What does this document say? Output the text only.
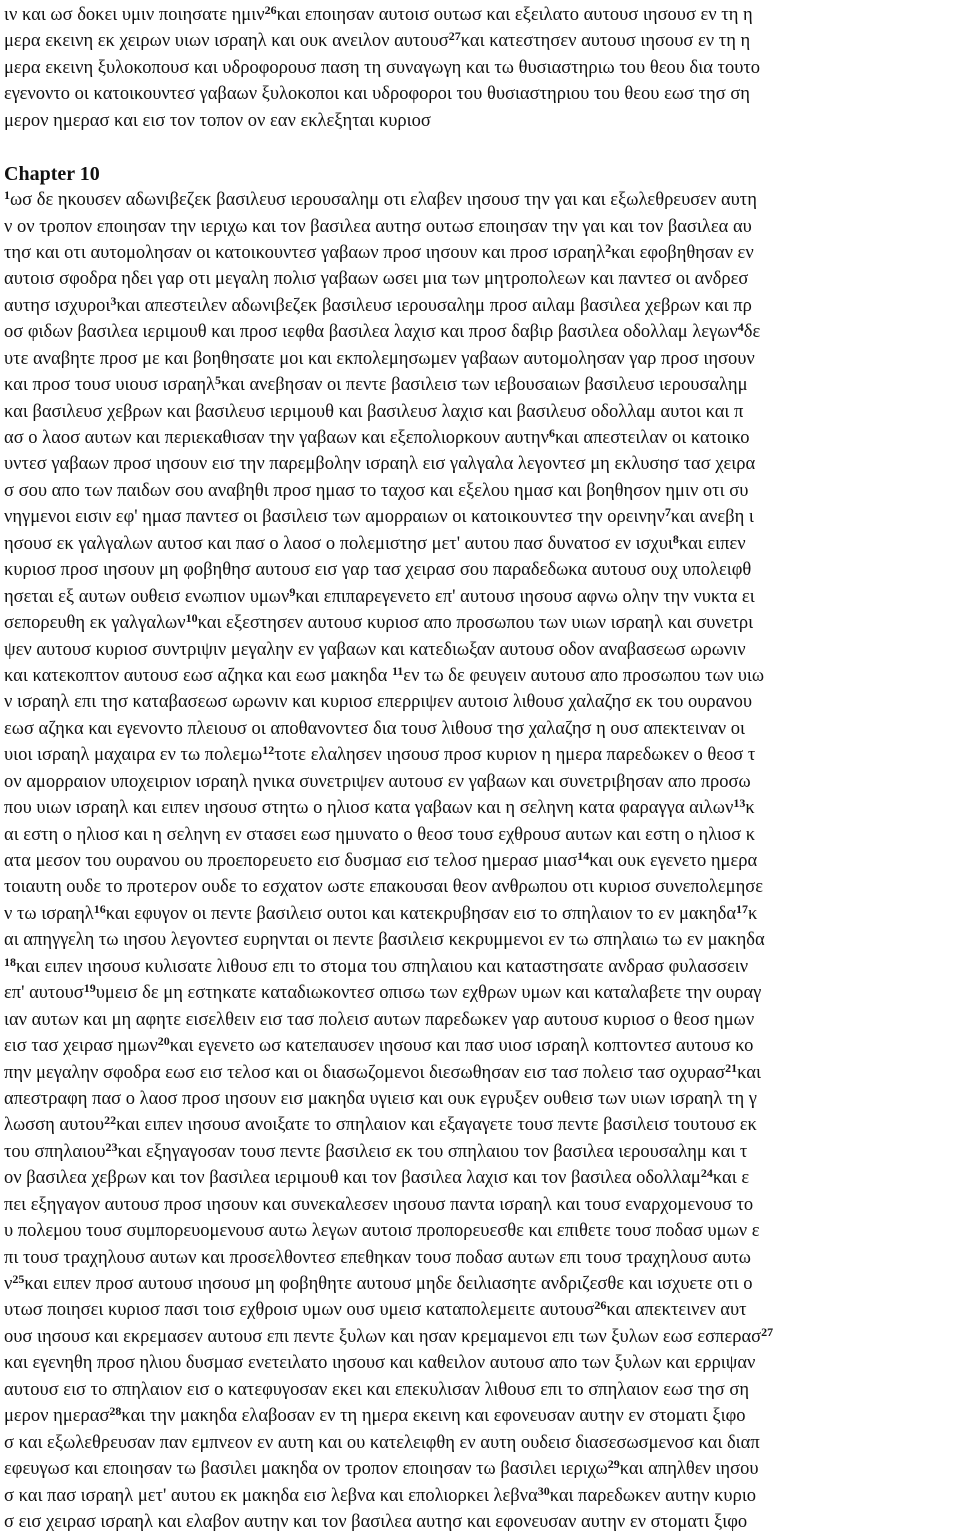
ιν και ωσ δοκει υμιν ποιησατε ημιν$^{26}$και εποιησαν αυτοισ ουτωσ και εξειλατο αυτουσ ιησουσ εν τη η
μερα εκεινη εκ χειρων υιων ισραηλ και ουκ ανειλον αυτουσ$^{27}$και κατεστησεν αυτουσ ιησουσ εν τη η
μερα εκεινη ξυλοκοπουσ και υδροφορουσ παση τη συναγωγη και τω θυσιαστηριω του θεου δια τουτο
εγενοντο οι κατοικουντεσ γαβαων ξυλοκοποι και υδροφοροι του θυσιαστηριου του θεου εωσ τησ ση
μερον ημερασ και εισ τον τοπον ον εαν εκλεξηται κυριοσ
Chapter 10
$^1$ωσ δε ηκουσεν αδωνιβεζεκ βασιλευσ ιερουσαλημ οτι ελαβεν ιησουσ την γαι και εξωλεθρευσεν αυτη
ν ον τροπον εποιησαν την ιεριχω και τον βασιλεα αυτησ ουτωσ εποιησαν την γαι και τον βασιλεα αυ
τησ και οτι αυτομολησαν οι κατοικουντεσ γαβαων προσ ιησουν και προσ ισραηλ$^2$και εφοβηθησαν εν
αυτοισ σφοδρα ηδει γαρ οτι μεγαλη πολισ γαβαων ωσει μια των μητροπολεων και παντεσ οι ανδρεσ
αυτησ ισχυροι$^3$και απεστειλεν αδωνιβεζεκ βασιλευσ ιερουσαλημ προσ αιλαμ βασιλεα χεβρων και πρ
οσ φιδων βασιλεα ιεριμουθ και προσ ιεφθα βασιλεα λαχισ και προσ δαβιρ βασιλεα οδολλαμ λεγων$^4$δε
υτε αναβητε προσ με και βοηθησατε μοι και εκπολεμησωμεν γαβαων αυτομολησαν γαρ προσ ιησουν
και προσ τουσ υιουσ ισραηλ$^5$και ανεβησαν οι πεντε βασιλεισ των ιεβουσαιων βασιλευσ ιερουσαλημ
και βασιλευσ χεβρων και βασιλευσ ιεριμουθ και βασιλευσ λαχισ και βασιλευσ οδολλαμ αυτοι και π
ασ ο λαοσ αυτων και περιεκαθισαν την γαβαων και εξεπολιορκουν αυτην$^6$και απεστειλαν οι κατοικο
υντεσ γαβαων προσ ιησουν εισ την παρεμβολην ισραηλ εισ γαλγαλα λεγοντεσ μη εκλυσησ τασ χειρα
σ σου απο των παιδων σου αναβηθι προσ ημασ το ταχοσ και εξελου ημασ και βοηθησον ημιν οτι συ
νηγμενοι εισιν εφ' ημασ παντεσ οι βασιλεισ των αμορραιων οι κατοικουντεσ την ορεινην$^7$και ανεβη ι
ησουσ εκ γαλγαλων αυτοσ και πασ ο λαοσ ο πολεμιστησ μετ' αυτου πασ δυνατοσ εν ισχυι$^8$και ειπεν
κυριοσ προσ ιησουν μη φοβηθησ αυτουσ εισ γαρ τασ χειρασ σου παραδεδωκα αυτουσ ουχ υπολειφθ
ησεται εξ αυτων ουθεισ ενωπιον υμων$^9$και επιπαρεγενετο επ' αυτουσ ιησουσ αφνω ολην την νυκτα ει
σεπορευθη εκ γαλγαλων$^{10}$και εξεστησεν αυτουσ κυριοσ απο προσωπου των υιων ισραηλ και συνετρι
ψεν αυτουσ κυριοσ συντριψιν μεγαλην εν γαβαων και κατεδιωξαν αυτουσ οδον αναβασεωσ ωρωνιν
και κατεκοπτον αυτουσ εωσ αζηκα και εωσ μακηδα $^{11}$εν τω δε φευγειν αυτουσ απο προσωπου των υιω
ν ισραηλ επι τησ καταβασεωσ ωρωνιν και κυριοσ επερριψεν αυτοισ λιθουσ χαλαζησ εκ του ουρανου
εωσ αζηκα και εγενοντο πλειουσ οι αποθανοντεσ δια τουσ λιθουσ τησ χαλαζησ η ουσ απεκτειναν οι
υιοι ισραηλ μαχαιρα εν τω πολεμω$^{12}$τοτε ελαλησεν ιησουσ προσ κυριον η ημερα παρεδωκεν ο θεοσ τ
ον αμορραιον υποχειριον ισραηλ ηνικα συνετριψεν αυτουσ εν γαβαων και συνετριβησαν απο προσω
που υιων ισραηλ και ειπεν ιησουσ στητω ο ηλιοσ κατα γαβαων και η σεληνη κατα φαραγγα αιλων$^{13}$κ
αι εστη ο ηλιοσ και η σεληνη εν στασει εωσ ημυνατο ο θεοσ τουσ εχθρουσ αυτων και εστη ο ηλιοσ κ
ατα μεσον του ουρανου ου προεπορευετο εισ δυσμασ εισ τελοσ ημερασ μιασ$^{14}$και ουκ εγενετο ημερα
τοιαυτη ουδε το προτερον ουδε το εσχατον ωστε επακουσαι θεον ανθρωπου οτι κυριοσ συνεπολεμησε
ν τω ισραηλ$^{16}$και εφυγον οι πεντε βασιλεισ ουτοι και κατεκρυβησαν εισ το σπηλαιον το εν μακηδα$^{17}$κ
αι απηγγελη τω ιησου λεγοντεσ ευρηνται οι πεντε βασιλεισ κεκρυμμενοι εν τω σπηλαιω τω εν μακηδα
$^{18}$και ειπεν ιησουσ κυλισατε λιθουσ επι το στομα του σπηλαιου και καταστησατε ανδρασ φυλασσειν
επ' αυτουσ$^{19}$υμεισ δε μη εστηκατε καταδιωκοντεσ οπισω των εχθρων υμων και καταλαβετε την ουραγ
ιαν αυτων και μη αφητε εισελθειν εισ τασ πολεισ αυτων παρεδωκεν γαρ αυτουσ κυριοσ ο θεοσ ημων
εισ τασ χειρασ ημων$^{20}$και εγενετο ωσ κατεπαυσεν ιησουσ και πασ υιοσ ισραηλ κοπτοντεσ αυτουσ κο
πην μεγαλην σφοδρα εωσ εισ τελοσ και οι διασωζομενοι διεσωθησαν εισ τασ πολεισ τασ οχυρασ$^{21}$και
απεστραφη πασ ο λαοσ προσ ιησουν εισ μακηδα υγιεισ και ουκ εγρυξεν ουθεισ των υιων ισραηλ τη γ
λωσση αυτου$^{22}$και ειπεν ιησουσ ανοιξατε το σπηλαιον και εξαγαγετε τουσ πεντε βασιλεισ τουτουσ εκ
του σπηλαιου$^{23}$και εξηγαγοσαν τουσ πεντε βασιλεισ εκ του σπηλαιου τον βασιλεα ιερουσαλημ και τ
ον βασιλεα χεβρων και τον βασιλεα ιεριμουθ και τον βασιλεα λαχισ και τον βασιλεα οδολλαμ$^{24}$και ε
πει εξηγαγον αυτουσ προσ ιησουν και συνεκαλεσεν ιησουσ παντα ισραηλ και τουσ εναρχομενουσ το
υ πολεμου τουσ συμπορευομενουσ αυτω λεγων αυτοισ προπορευεσθε και επιθετε τουσ ποδασ υμων ε
πι τουσ τραχηλουσ αυτων και προσελθοντεσ επεθηκαν τουσ ποδασ αυτων επι τουσ τραχηλουσ αυτω
$\nu^{25}\kappa\alpha\iota$ ειπεν προσ αυτουσ ιησουσ μη φοβηθητε αυτουσ μηδε δειλιασητε ανδριζεσθε και ισχυετε οτι ο
υτωσ ποιησει κυριοσ πασι τοισ εχθροισ υμων ουσ υμεισ καταπολεμειτε αυτουσ$^{26}$και απεκτεινεν αυτ
ουσ ιησουσ και εκρεμασεν αυτουσ επι πεντε ξυλων και ησαν κρεμαμενοι επι των ξυλων εωσ εσπερασ$^{27}$
και εγενηθη προσ ηλιου δυσμασ ενετειλατο ιησουσ και καθειλον αυτουσ απο των ξυλων και ερριψαν
αυτουσ εισ το σπηλαιον εισ ο κατεφυγοσαν εκει και επεκυλισαν λιθουσ επι το σπηλαιον εωσ τησ ση
μερον ημερασ$^{28}$και την μακηδα ελαβοσαν εν τη ημερα εκεινη και εφονευσαν αυτην εν στοματι ξιφο
σ και εξωλεθρευσαν παν εμπνεον εν αυτη και ου κατελειφθη εν αυτη ουδεισ διασεσωσμενοσ και διαπ
εφευγωσ και εποιησαν τω βασιλει μακηδα ον τροπον εποιησαν τω βασιλει ιεριχω$^{29}$και απηλθεν ιησου
σ και πασ ισραηλ μετ' αυτου εκ μακηδα εισ λεβνα και επολιορκει λεβνα$^{30}$και παρεδωκεν αυτην κυριο
σ εισ χειρασ ισραηλ και ελαβον αυτην και τον βασιλεα αυτησ και εφονευσαν αυτην εν στοματι ξιφο
